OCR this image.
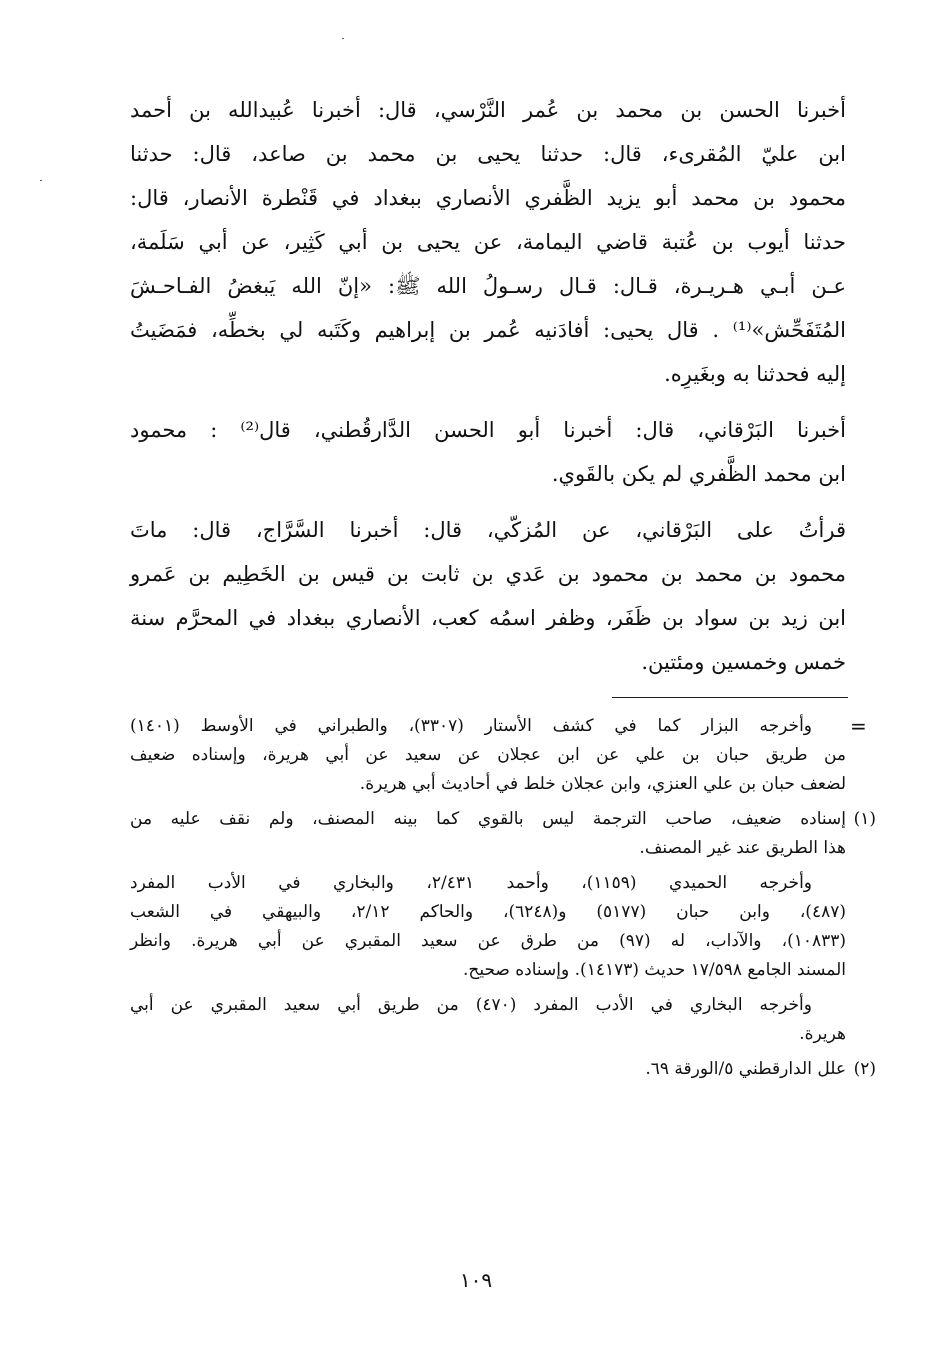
أخبرنا الحسن بن محمد بن عُمر النَّرْسي، قال: أخبرنا عُبيدالله بن أحمد
ابن عليّ المُقرىء، قال: حدثنا يحيى بن محمد بن صاعد، قال: حدثنا
محمود بن محمد أبو يزيد الظَّفري الأنصاري ببغداد في قَنْطرة الأنصار، قال:
حدثنا أيوب بن عُتبة قاضي اليمامة، عن يحيى بن أبي كَثِير، عن أبي سَلَمة،
عـن أبـي هـريـرة، قـال: قـال رسـولُ الله ﷺ: «إنّ الله يَبغضُ الفـاحـشَ
المُتَفَحِّش»⁽¹⁾ . قال يحيى: أفادَنيه عُمر بن إبراهيم وكَتَبه لي بخطِّه، فمَضَيتُ
إليه فحدثنا به وبغَيرِه.

أخبرنا البَرْقاني، قال: أخبرنا أبو الحسن الدَّارقُطني، قال⁽²⁾ : محمود
ابن محمد الظَّفري لم يكن بالقَوي.

قرأتُ على البَرْقاني، عن المُزكّي، قال: أخبرنا السَّرَّاج، قال: ماتَ
محمود بن محمد بن محمود بن عَدي بن ثابت بن قيس بن الخَطِيم بن عَمرو
ابن زيد بن سواد بن ظَفَر، وظفر اسمُه كعب، الأنصاري ببغداد في المحرَّم سنة
خمس وخمسين ومئتين.

=
وأخرجه البزار كما في كشف الأستار (٣٣٠٧)، والطبراني في الأوسط (١٤٠١)
من طريق حبان بن علي عن ابن عجلان عن سعيد عن أبي هريرة، وإسناده ضعيف
لضعف حبان بن علي العنزي، وابن عجلان خلط في أحاديث أبي هريرة.
(١)
إسناده ضعيف، صاحب الترجمة ليس بالقوي كما بينه المصنف، ولم نقف عليه من
هذا الطريق عند غير المصنف.
وأخرجه الحميدي (١١٥٩)، وأحمد ٢/٤٣١، والبخاري في الأدب المفرد
(٤٨٧)، وابن حبان (٥١٧٧) و(٦٢٤٨)، والحاكم ٢/١٢، والبيهقي في الشعب
(١٠٨٣٣)، والآداب، له (٩٧) من طرق عن سعيد المقبري عن أبي هريرة. وانظر
المسند الجامع ١٧/٥٩٨ حديث (١٤١٧٣). وإسناده صحيح.
وأخرجه البخاري في الأدب المفرد (٤٧٠) من طريق أبي سعيد المقبري عن أبي
هريرة.
(٢)
علل الدارقطني ٥/الورقة ٦٩.
١٠٩
